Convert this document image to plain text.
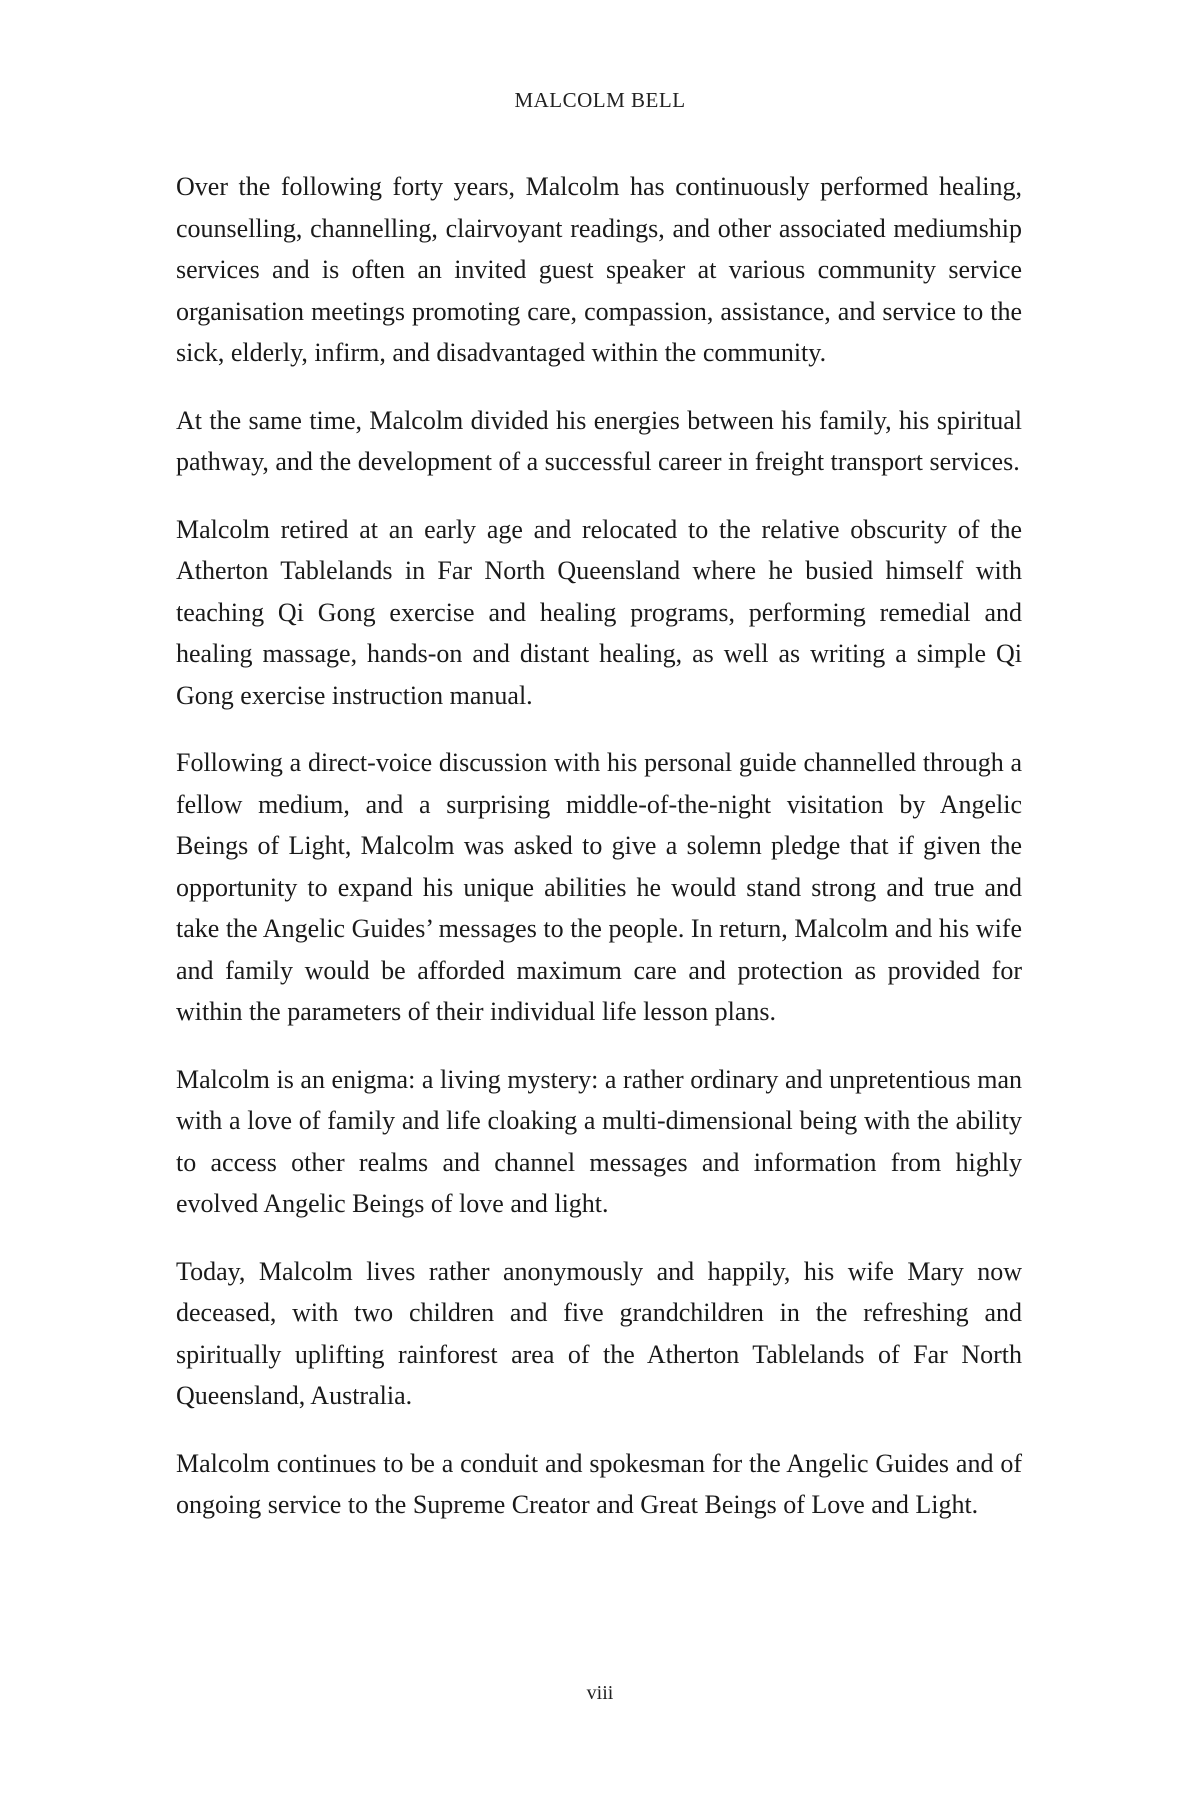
MALCOLM BELL

Over the following forty years, Malcolm has continuously performed healing, counselling, channelling, clairvoyant readings, and other associated mediumship services and is often an invited guest speaker at various community service organisation meetings promoting care, compassion, assistance, and service to the sick, elderly, infirm, and disadvantaged within the community.

At the same time, Malcolm divided his energies between his family, his spiritual pathway, and the development of a successful career in freight transport services.

Malcolm retired at an early age and relocated to the relative obscurity of the Atherton Tablelands in Far North Queensland where he busied himself with teaching Qi Gong exercise and healing programs, performing remedial and healing massage, hands-on and distant healing, as well as writing a simple Qi Gong exercise instruction manual.

Following a direct-voice discussion with his personal guide channelled through a fellow medium, and a surprising middle-of-the-night visitation by Angelic Beings of Light, Malcolm was asked to give a solemn pledge that if given the opportunity to expand his unique abilities he would stand strong and true and take the Angelic Guides’ messages to the people. In return, Malcolm and his wife and family would be afforded maximum care and protection as provided for within the parameters of their individual life lesson plans.

Malcolm is an enigma: a living mystery: a rather ordinary and unpretentious man with a love of family and life cloaking a multi-dimensional being with the ability to access other realms and channel messages and information from highly evolved Angelic Beings of love and light.

Today, Malcolm lives rather anonymously and happily, his wife Mary now deceased, with two children and five grandchildren in the refreshing and spiritually uplifting rainforest area of the Atherton Tablelands of Far North Queensland, Australia.

Malcolm continues to be a conduit and spokesman for the Angelic Guides and of ongoing service to the Supreme Creator and Great Beings of Love and Light.

viii
